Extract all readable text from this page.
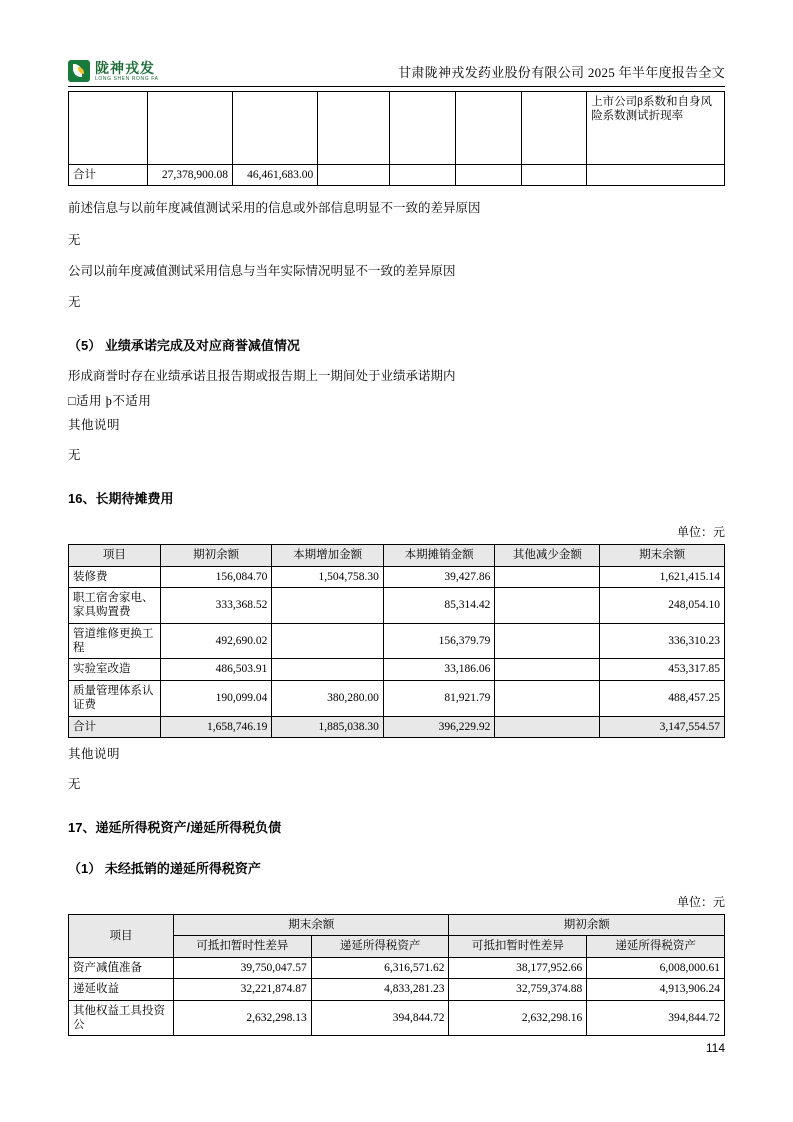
陇神戎发
LONG SHEN RONG FA	甘肃陇神戎发药业股份有限公司 2025 年半年度报告全文
							上市公司β系数和自身风险系数测试折现率
合计	27,378,900.08	46,461,683.00					

前述信息与以前年度减值测试采用的信息或外部信息明显不一致的差异原因

无

公司以前年度减值测试采用信息与当年实际情况明显不一致的差异原因

无

（5） 业绩承诺完成及对应商誉减值情况

形成商誉时存在业绩承诺且报告期或报告期上一期间处于业绩承诺期内

□适用 þ不适用
其他说明

无

16、长期待摊费用
单位：元
项目	期初余额	本期增加金额	本期摊销金额	其他减少金额	期末余额
装修费	156,084.70	1,504,758.30	39,427.86		1,621,415.14
职工宿舍家电、家具购置费	333,368.52		85,314.42		248,054.10
管道维修更换工程	492,690.02		156,379.79		336,310.23
实验室改造	486,503.91		33,186.06		453,317.85
质量管理体系认证费	190,099.04	380,280.00	81,921.79		488,457.25
合计	1,658,746.19	1,885,038.30	396,229.92		3,147,554.57
其他说明

无

17、递延所得税资产/递延所得税负债
（1） 未经抵销的递延所得税资产
单位：元
项目	期末余额		期初余额	
	可抵扣暂时性差异	递延所得税资产	可抵扣暂时性差异	递延所得税资产
资产减值准备	39,750,047.57	6,316,571.62	38,177,952.66	6,008,000.61
递延收益	32,221,874.87	4,833,281.23	32,759,374.88	4,913,906.24
其他权益工具投资公	2,632,298.13	394,844.72	2,632,298.16	394,844.72
114
